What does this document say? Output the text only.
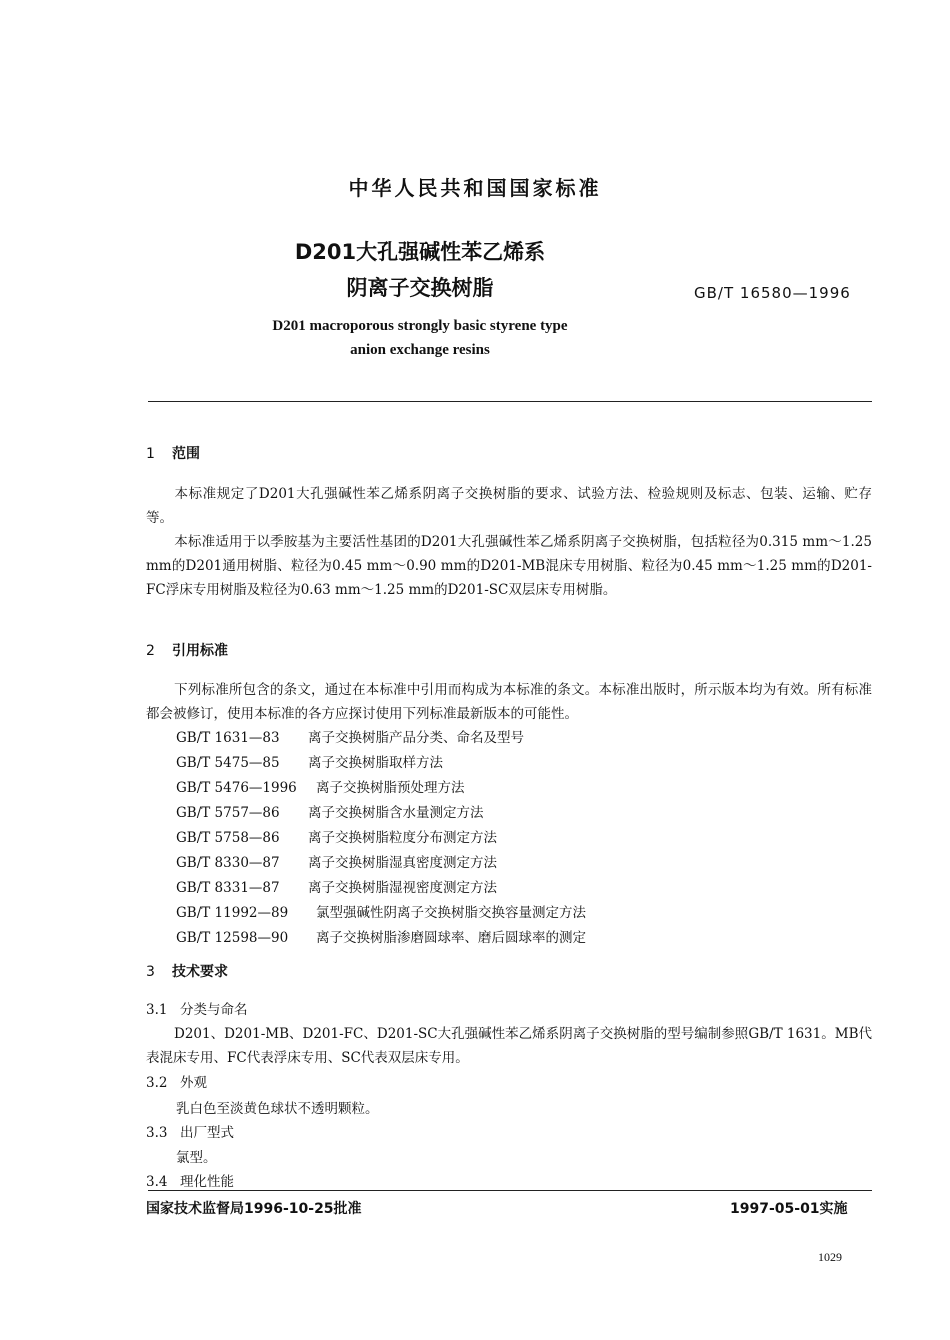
中华人民共和国国家标准
D201大孔强碱性苯乙烯系
阴离子交换树脂	GB/T 16580—1996
D201 macroporous strongly basic styrene type
anion exchange resins
1 范围
本标准规定了D201大孔强碱性苯乙烯系阴离子交换树脂的要求、试验方法、检验规则及标志、包装、运输、贮存等。
本标准适用于以季胺基为主要活性基团的D201大孔强碱性苯乙烯系阴离子交换树脂，包括粒径为0.315 mm～1.25 mm的D201通用树脂、粒径为0.45 mm～0.90 mm的D201-MB混床专用树脂、粒径为0.45 mm～1.25 mm的D201-FC浮床专用树脂及粒径为0.63 mm～1.25 mm的D201-SC双层床专用树脂。
2 引用标准
下列标准所包含的条文，通过在本标准中引用而构成为本标准的条文。本标准出版时，所示版本均为有效。所有标准都会被修订，使用本标准的各方应探讨使用下列标准最新版本的可能性。
GB/T 1631—83 离子交换树脂产品分类、命名及型号
GB/T 5475—85 离子交换树脂取样方法
GB/T 5476—1996 离子交换树脂预处理方法
GB/T 5757—86 离子交换树脂含水量测定方法
GB/T 5758—86 离子交换树脂粒度分布测定方法
GB/T 8330—87 离子交换树脂湿真密度测定方法
GB/T 8331—87 离子交换树脂湿视密度测定方法
GB/T 11992—89 氯型强碱性阴离子交换树脂交换容量测定方法
GB/T 12598—90 离子交换树脂渗磨圆球率、磨后圆球率的测定
3 技术要求
3.1 分类与命名
D201、D201-MB、D201-FC、D201-SC大孔强碱性苯乙烯系阴离子交换树脂的型号编制参照GB/T 1631。MB代表混床专用、FC代表浮床专用、SC代表双层床专用。
3.2 外观
乳白色至淡黄色球状不透明颗粒。
3.3 出厂型式
氯型。
3.4 理化性能
国家技术监督局1996-10-25批准	1997-05-01实施
1029
